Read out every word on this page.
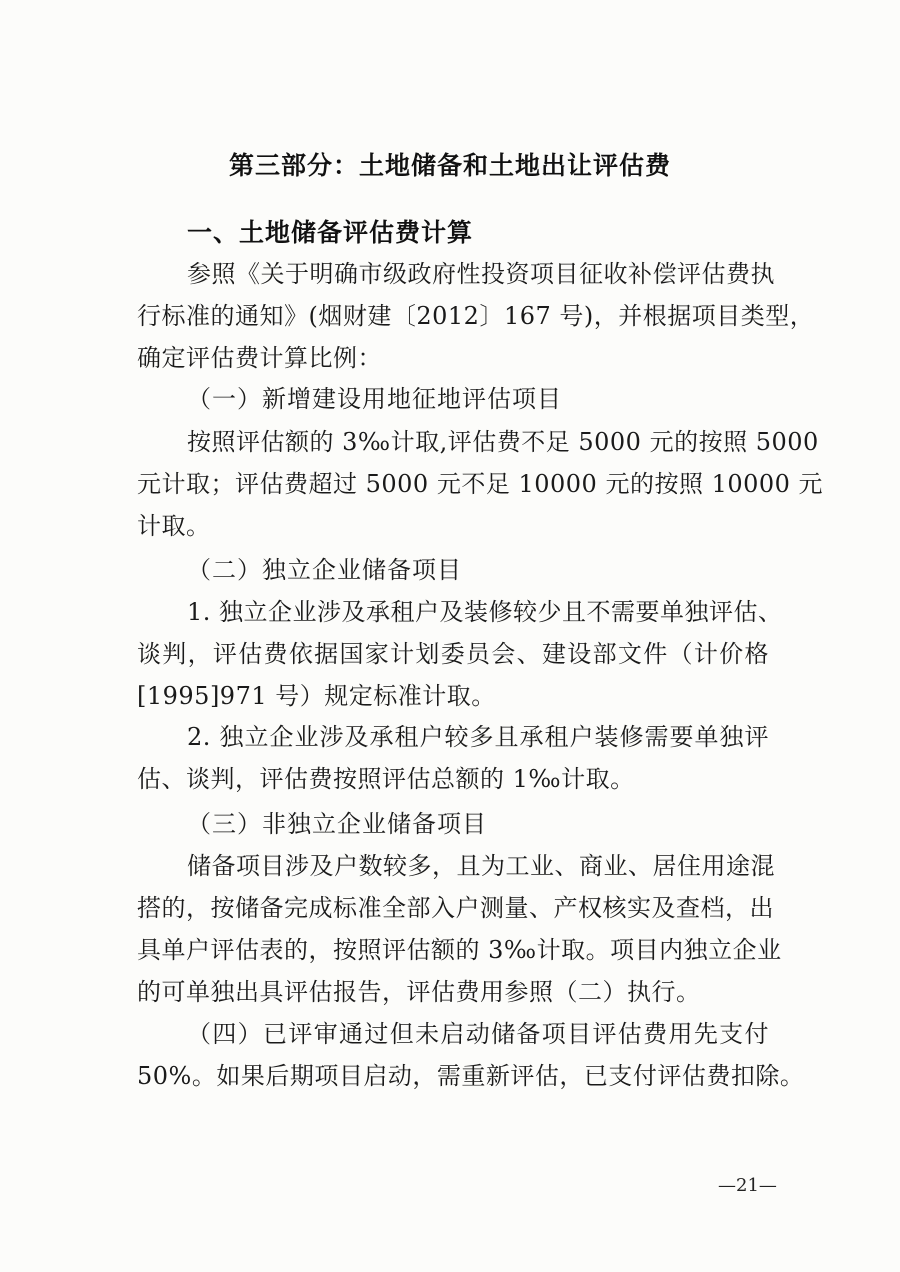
第三部分：土地储备和土地出让评估费
一、土地储备评估费计算
参照《关于明确市级政府性投资项目征收补偿评估费执
行标准的通知》(烟财建〔2012〕167 号)，并根据项目类型，
确定评估费计算比例：
（一）新增建设用地征地评估项目
按照评估额的 3‰计取,评估费不足 5000 元的按照 5000
元计取；评估费超过 5000 元不足 10000 元的按照 10000 元
计取。
（二）独立企业储备项目
1. 独立企业涉及承租户及装修较少且不需要单独评估、
谈判，评估费依据国家计划委员会、建设部文件（计价格
[1995]971 号）规定标准计取。
2. 独立企业涉及承租户较多且承租户装修需要单独评
估、谈判，评估费按照评估总额的 1‰计取。
（三）非独立企业储备项目
储备项目涉及户数较多，且为工业、商业、居住用途混
搭的，按储备完成标准全部入户测量、产权核实及查档，出
具单户评估表的，按照评估额的 3‰计取。项目内独立企业
的可单独出具评估报告，评估费用参照（二）执行。
（四）已评审通过但未启动储备项目评估费用先支付
50%。如果后期项目启动，需重新评估，已支付评估费扣除。
—21—
